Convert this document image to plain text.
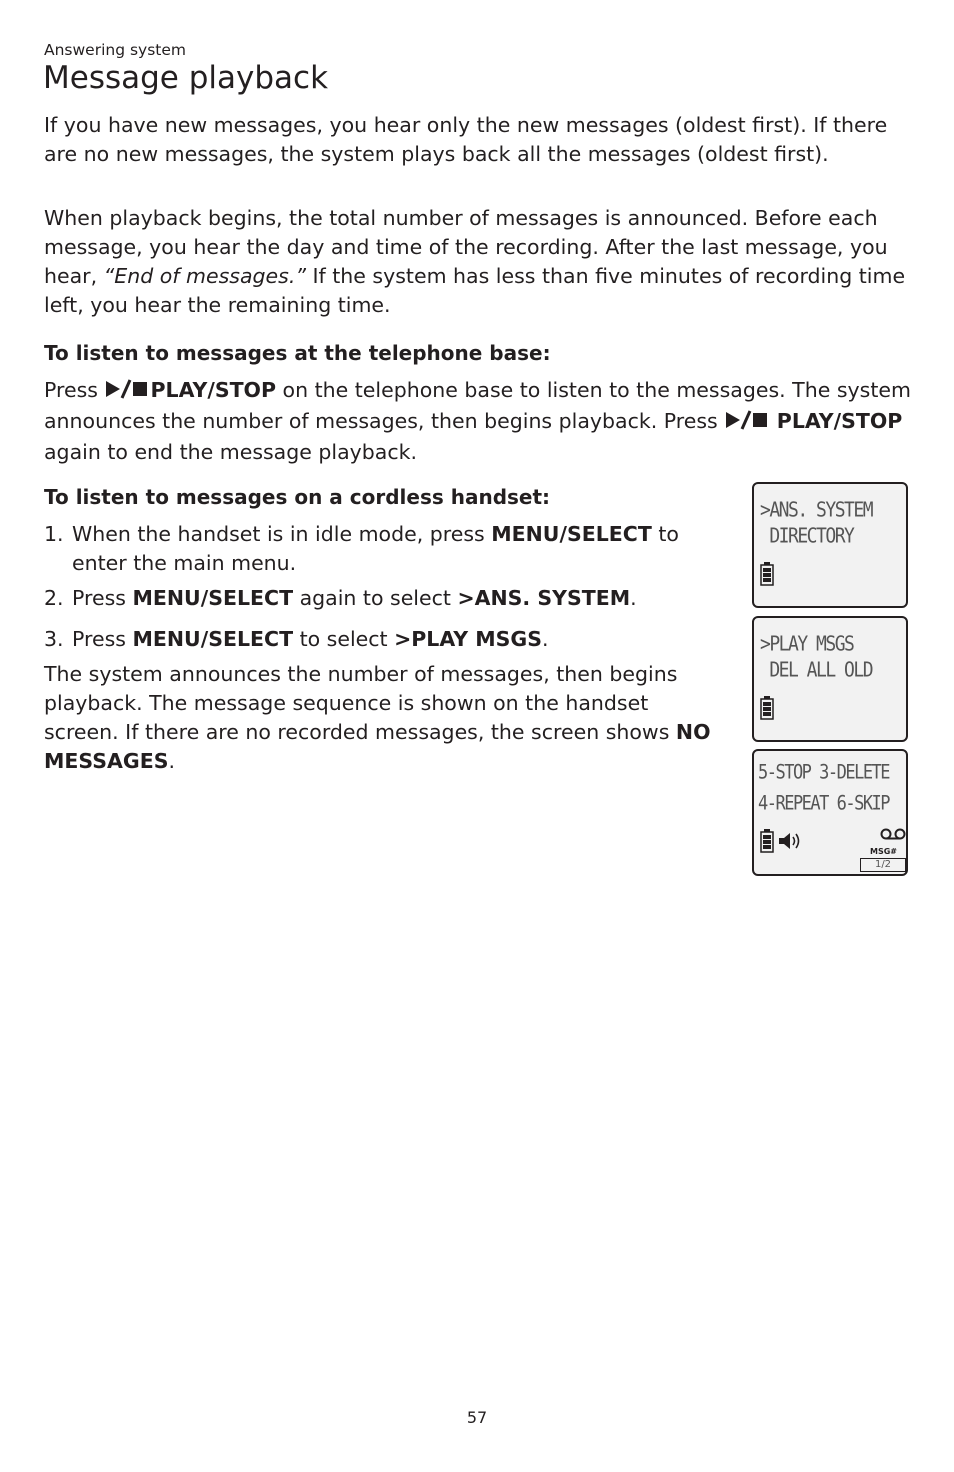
Answering system
Message playback

If you have new messages, you hear only the new messages (oldest first). If there are no new messages, the system plays back all the messages (oldest first).

When playback begins, the total number of messages is announced. Before each message, you hear the day and time of the recording. After the last message, you hear, “End of messages.” If the system has less than five minutes of recording time left, you hear the remaining time.

To listen to messages at the telephone base:

Press PLAY/STOP on the telephone base to listen to the messages. The system announces the number of messages, then begins playback. Press	PLAY/STOP again to end the message playback.

To listen to messages on a cordless handset:
1. When the handset is in idle mode, press MENU/SELECT to enter the main menu.
2. Press MENU/SELECT again to select >ANS. SYSTEM.
3. Press MENU/SELECT to select >PLAY MSGS.

The system announces the number of messages, then begins playback. The message sequence is shown on the handset screen. If there are no recorded messages, the screen shows NO MESSAGES.

>ANS. SYSTEM
DIRECTORY
>PLAY MSGS
DEL ALL OLD
5-STOP 3-DELETE
4-REPEAT 6-SKIP
MSG#
1/2
57
